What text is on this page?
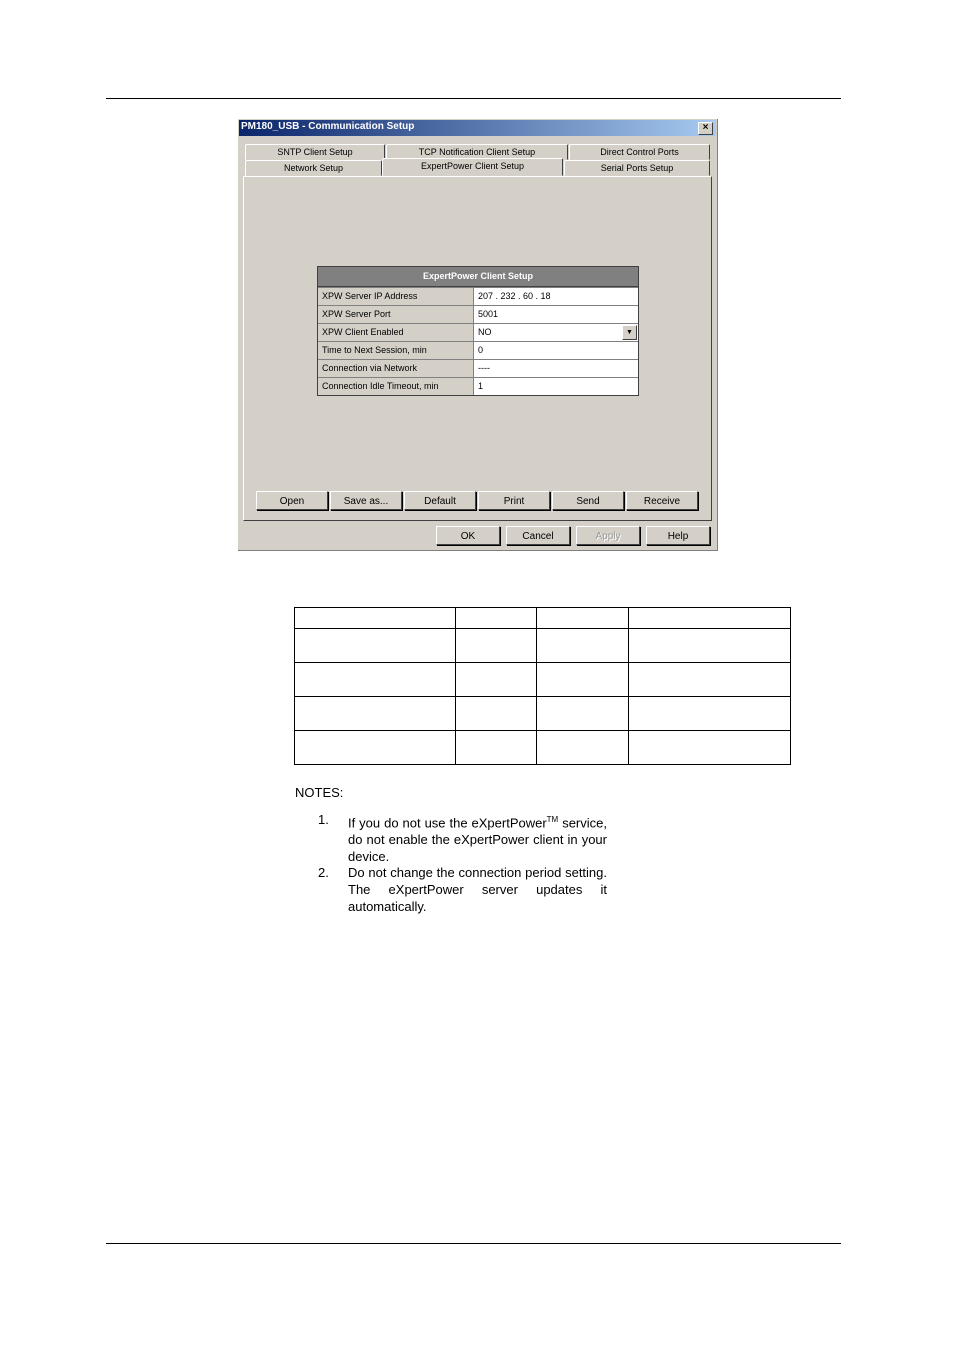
PM180_USB - Communication Setup	×
SNTP Client Setup	TCP Notification Client Setup	Direct Control Ports
Network Setup	ExpertPower Client Setup	Serial Ports Setup
ExpertPower Client Setup
XPW Server IP Address	207 . 232 . 60 . 18
XPW Server Port	5001
XPW Client Enabled	NO	▼
Time to Next Session, min	0
Connection via Network	----
Connection Idle Timeout, min	1
Open	Save as...	Default	Print	Send	Receive
OK	Cancel	Apply	Help

NOTES:
1. If you do not use the eXpertPower™ service, do not enable the eXpertPower client in your device.
2. Do not change the connection period setting. The eXpertPower server updates it automatically.
